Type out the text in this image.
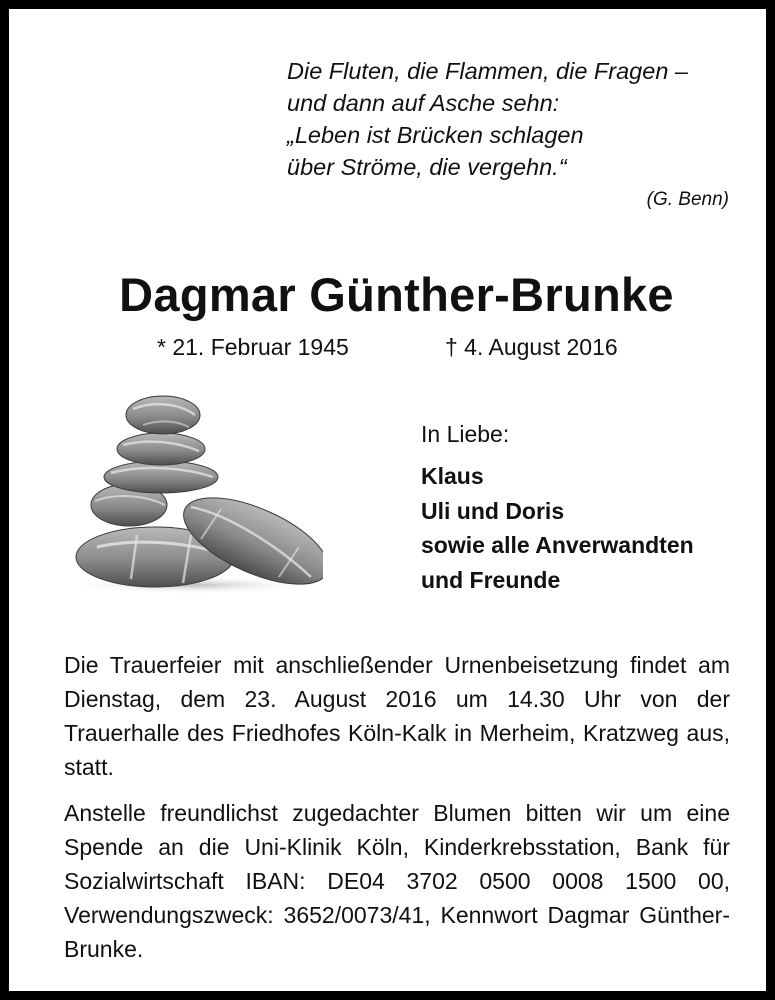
Die Fluten, die Flammen, die Fragen –
und dann auf Asche sehn:
„Leben ist Brücken schlagen
über Ströme, die vergehn.“
(G. Benn)
Dagmar Günther-Brunke
* 21. Februar 1945	† 4. August 2016
In Liebe:
Klaus
Uli und Doris
sowie alle Anverwandten
und Freunde
Die Trauerfeier mit anschließender Urnenbeisetzung findet am Dienstag, dem 23. August 2016 um 14.30 Uhr von der Trauerhalle des Friedhofes Köln-Kalk in Merheim, Kratzweg aus, statt.
Anstelle freundlichst zugedachter Blumen bitten wir um eine Spende an die Uni-Klinik Köln, Kinderkrebsstation, Bank für Sozialwirtschaft IBAN: DE04 3702 0500 0008 1500 00, Verwendungszweck: 3652/0073/41, Kennwort Dagmar Günther-Brunke.
